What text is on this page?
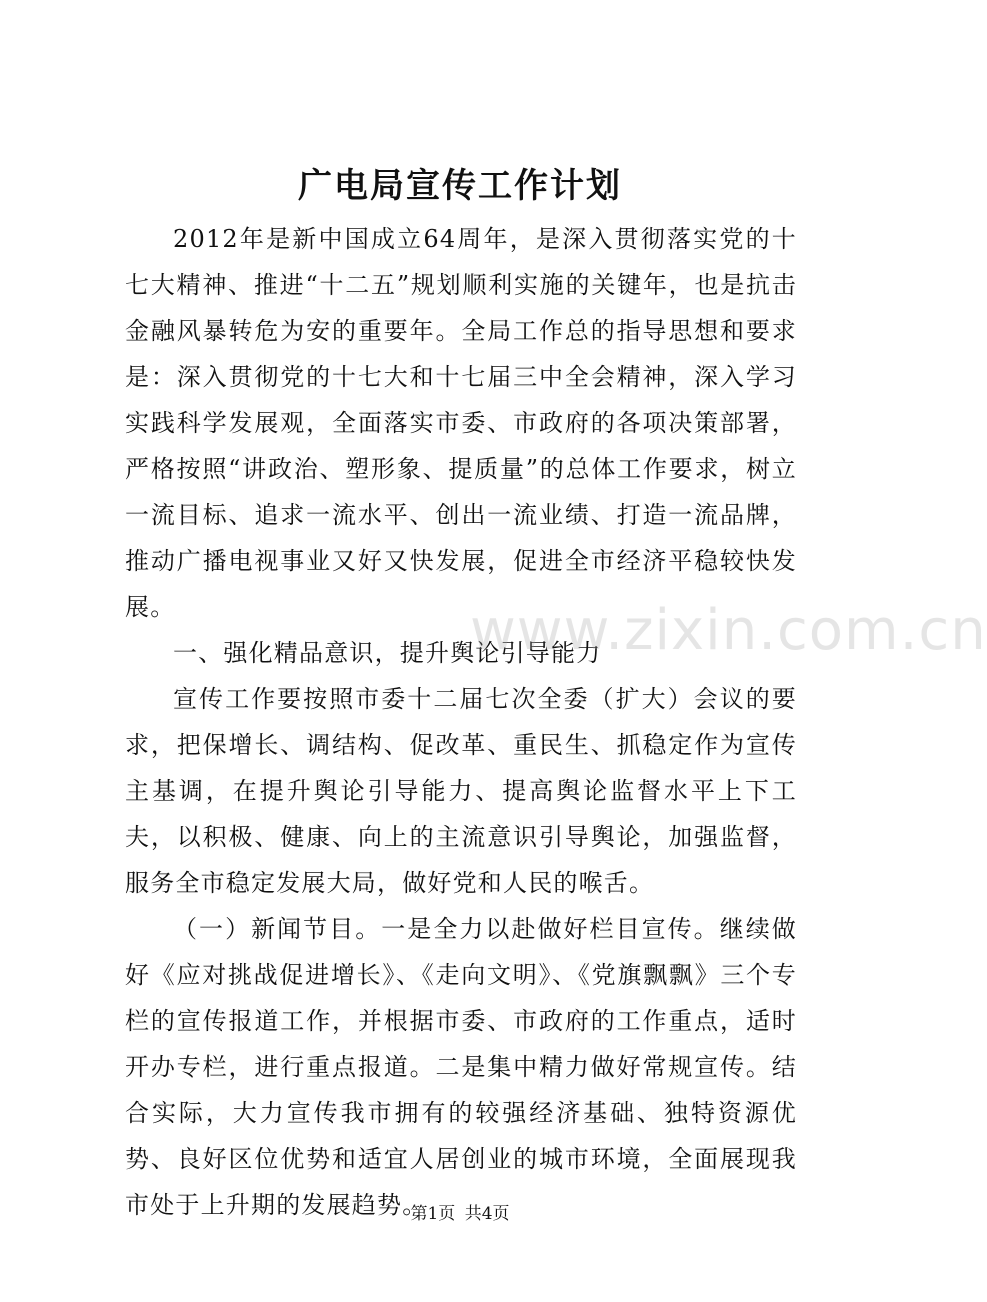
广电局宣传工作计划

2012年是新中国成立64周年，是深入贯彻落实党的十七大精神、推进“十二五”规划顺利实施的关键年，也是抗击金融风暴转危为安的重要年。全局工作总的指导思想和要求是：深入贯彻党的十七大和十七届三中全会精神，深入学习实践科学发展观，全面落实市委、市政府的各项决策部署，严格按照“讲政治、塑形象、提质量”的总体工作要求，树立一流目标、追求一流水平、创出一流业绩、打造一流品牌，推动广播电视事业又好又快发展，促进全市经济平稳较快发展。

一、强化精品意识，提升舆论引导能力

宣传工作要按照市委十二届七次全委（扩大）会议的要求，把保增长、调结构、促改革、重民生、抓稳定作为宣传主基调，在提升舆论引导能力、提高舆论监督水平上下工夫，以积极、健康、向上的主流意识引导舆论，加强监督，服务全市稳定发展大局，做好党和人民的喉舌。

（一）新闻节目。一是全力以赴做好栏目宣传。继续做好《应对挑战促进增长》、《走向文明》、《党旗飘飘》三个专栏的宣传报道工作，并根据市委、市政府的工作重点，适时开办专栏，进行重点报道。二是集中精力做好常规宣传。结合实际，大力宣传我市拥有的较强经济基础、独特资源优势、良好区位优势和适宜人居创业的城市环境，全面展现我市处于上升期的发展趋势。

www.zixin.com.cn
第1页 共4页
